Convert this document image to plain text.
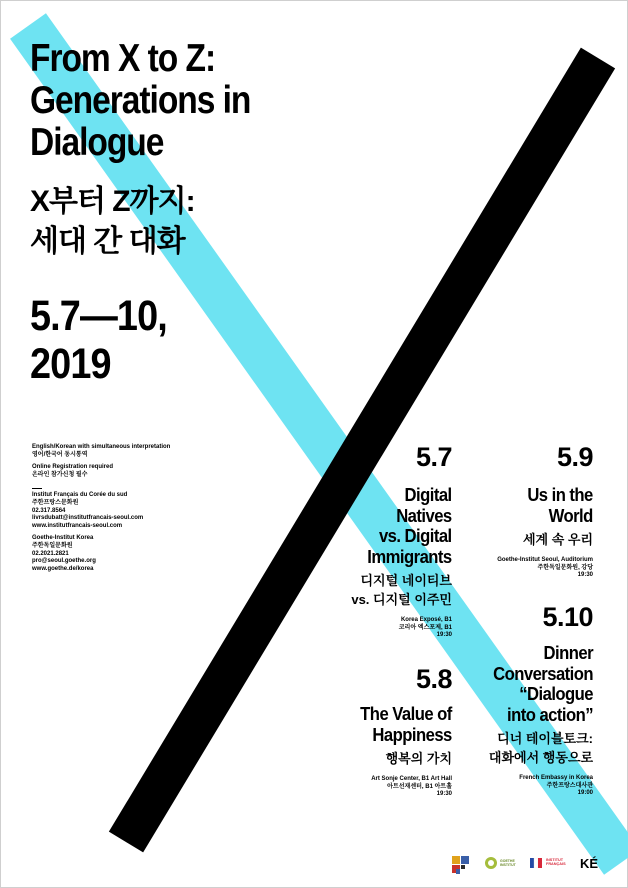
From X to Z:
Generations in
Dialogue
X부터 Z까지:
세대 간 대화
5.7—10,
2019
English/Korean with simultaneous interpretation
영어/한국어 동시통역
Online Registration required
온라인 참가신청 필수
Institut Français du Corée du sud
주한프랑스문화원
02.317.8564
livrsdubatt@institutfrancais-seoul.com
www.institutfrancais-seoul.com
Goethe-Institut Korea
주한독일문화원
02.2021.2821
pro@seoul.goethe.org
www.goethe.de/korea
5.7
Digital
Natives
vs. Digital
Immigrants
디지털 네이티브
vs. 디지털 이주민
Korea Exposé, B1
코리아 엑스포제, B1
19:30
5.8
The Value of
Happiness
행복의 가치
Art Sonje Center, B1 Art Hall
아트선재센터, B1 아트홀
19:30
5.9
Us in the
World
세계 속 우리
Goethe-Institut Seoul, Auditorium
주한독일문화원, 강당
19:30
5.10
Dinner
Conversation
“Dialogue
into action”
디너 테이블토크:
대화에서 행동으로
French Embassy in Korea
주한프랑스대사관
19:00
GOETHE
INSTITUT
INSTITUT
FRANÇAIS KÉ
